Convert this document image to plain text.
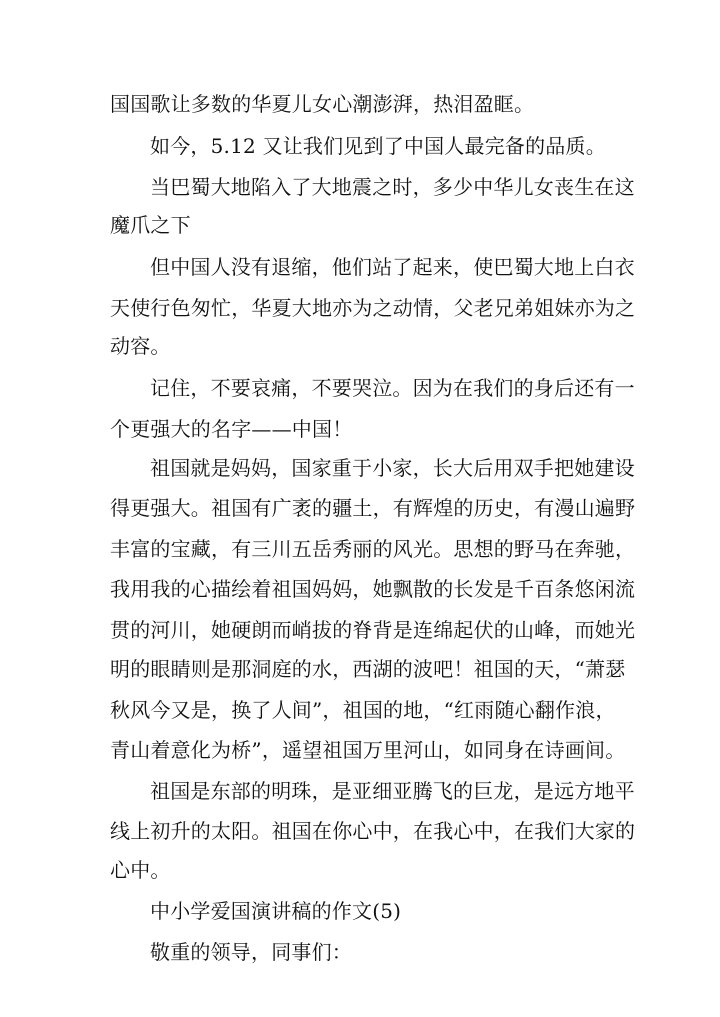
国国歌让多数的华夏儿女心潮澎湃，热泪盈眶。
如今，5.12 又让我们见到了中国人最完备的品质。
当巴蜀大地陷入了大地震之时，多少中华儿女丧生在这
魔爪之下
但中国人没有退缩，他们站了起来，使巴蜀大地上白衣
天使行色匆忙，华夏大地亦为之动情，父老兄弟姐妹亦为之
动容。
记住，不要哀痛，不要哭泣。因为在我们的身后还有一
个更强大的名字——中国！
祖国就是妈妈，国家重于小家，长大后用双手把她建设
得更强大。祖国有广袤的疆土，有辉煌的历史，有漫山遍野
丰富的宝藏，有三川五岳秀丽的风光。思想的野马在奔驰，
我用我的心描绘着祖国妈妈，她飘散的长发是千百条悠闲流
贯的河川，她硬朗而峭拔的脊背是连绵起伏的山峰，而她光
明的眼睛则是那洞庭的水，西湖的波吧！祖国的天，“萧瑟
秋风今又是，换了人间”，祖国的地，“红雨随心翻作浪，
青山着意化为桥”，遥望祖国万里河山，如同身在诗画间。
祖国是东部的明珠，是亚细亚腾飞的巨龙，是远方地平
线上初升的太阳。祖国在你心中，在我心中，在我们大家的
心中。
中小学爱国演讲稿的作文(5)
敬重的领导，同事们：
